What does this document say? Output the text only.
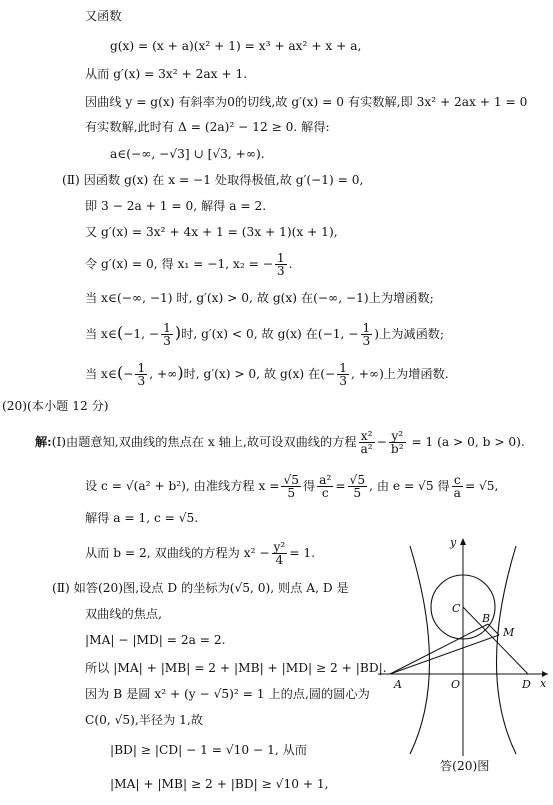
又函数
g(x) = (x + a)(x² + 1) = x³ + ax² + x + a,
从而 g′(x) = 3x² + 2ax + 1.
因曲线 y = g(x) 有斜率为0的切线,故 g′(x) = 0 有实数解,即 3x² + 2ax + 1 = 0
有实数解,此时有 Δ = (2a)² − 12 ≥ 0. 解得:
a∈(−∞, −√3] ∪ [√3, +∞).
(Ⅱ) 因函数 g(x) 在 x = −1 处取得极值,故 g′(−1) = 0,
即 3 − 2a + 1 = 0, 解得 a = 2.
又 g′(x) = 3x² + 4x + 1 = (3x + 1)(x + 1),
令 g′(x) = 0, 得 x₁ = −1, x₂ = − $\frac{1}{3}$ .
当 x∈(−∞, −1) 时, g′(x) > 0, 故 g(x) 在(−∞, −1)上为增函数;
当 x∈(−1, − $\frac{1}{3}$ )时, g′(x) < 0, 故 g(x) 在(−1, − $\frac{1}{3}$ )上为减函数;
当 x∈(− $\frac{1}{3}$ , +∞)时, g′(x) > 0, 故 g(x) 在(− $\frac{1}{3}$ , +∞)上为增函数.
(20)(本小题 12 分)
解:(Ⅰ)由题意知,双曲线的焦点在 x 轴上,故可设双曲线的方程 $\frac{\text{x²}}{\text{a²}} - \frac{\text{y²}}{\text{b²}} = 1$ (a > 0, b > 0).
设 c = √(a² + b²), 由准线方程 $x = \frac{√5}{5}$ 得 $\frac{\text{a²}}{c} = \frac{√5}{5}$ , 由 e = √5 得 $\frac{c}{a} = √5$,
解得 a = 1, c = √5.
从而 b = 2, 双曲线的方程为 $x^2 - \frac{\text{y²}}{4} = 1$.
(Ⅱ) 如答(20)图,设点 D 的坐标为(√5, 0), 则点 A, D 是
双曲线的焦点,
|MA| − |MD| = 2a = 2.
所以 |MA| + |MB| = 2 + |MB| + |MD| ≥ 2 + |BD|.
因为 B 是圆 x² + (y − √5)² = 1 上的点,圆的圆心为
C(0, √5),半径为 1,故
|BD| ≥ |CD| − 1 = √10 − 1, 从而
|MA| + |MB| ≥ 2 + |BD| ≥ √10 + 1,
y
x
C
B
M
A	O	D
答(20)图
